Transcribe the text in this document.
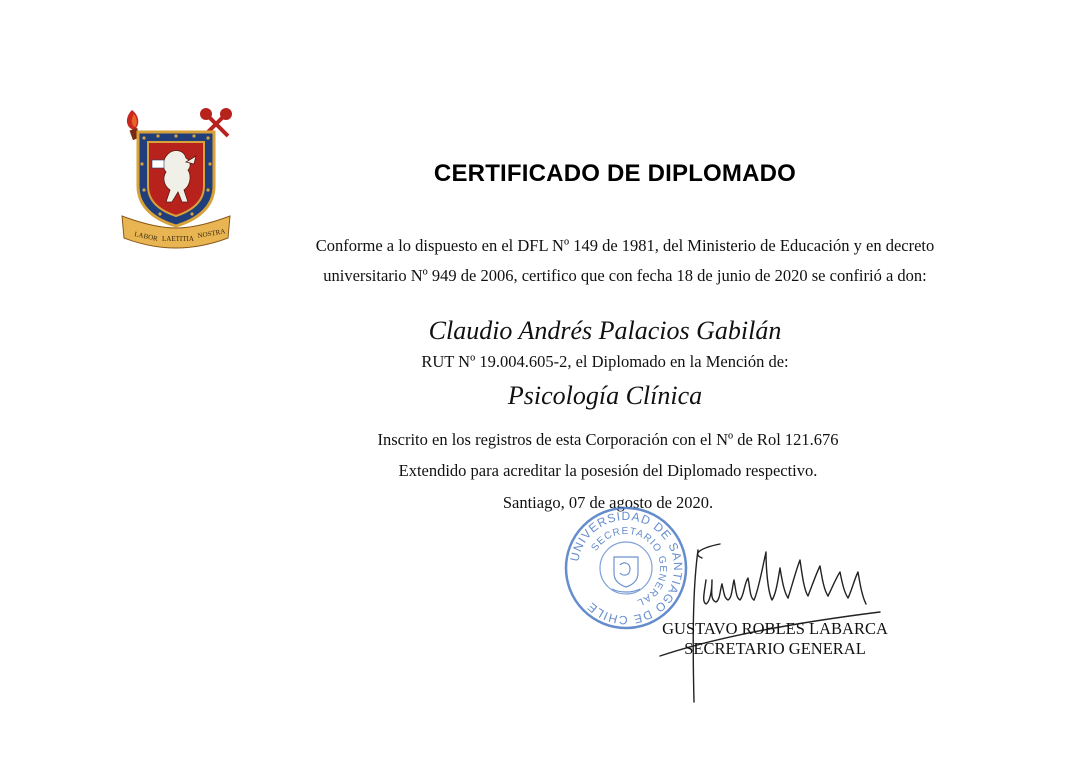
LABOR LAETITIA NOSTRA
CERTIFICADO DE DIPLOMADO
Conforme a lo dispuesto en el DFL Nº 149 de 1981, del Ministerio de Educación y en decreto
universitario Nº 949 de 2006, certifico que con fecha 18 de junio de 2020 se confirió a don:
Claudio Andrés Palacios Gabilán
RUT Nº 19.004.605-2, el Diplomado en la Mención de:
Psicología Clínica
Inscrito en los registros de esta Corporación con el Nº de Rol 121.676
Extendido para acreditar la posesión del Diplomado respectivo.
Santiago, 07 de agosto de 2020.
UNIVERSIDAD DE SANTIAGO DE CHILE
SECRETARIO GENERAL
GUSTAVO ROBLES LABARCA
SECRETARIO GENERAL
